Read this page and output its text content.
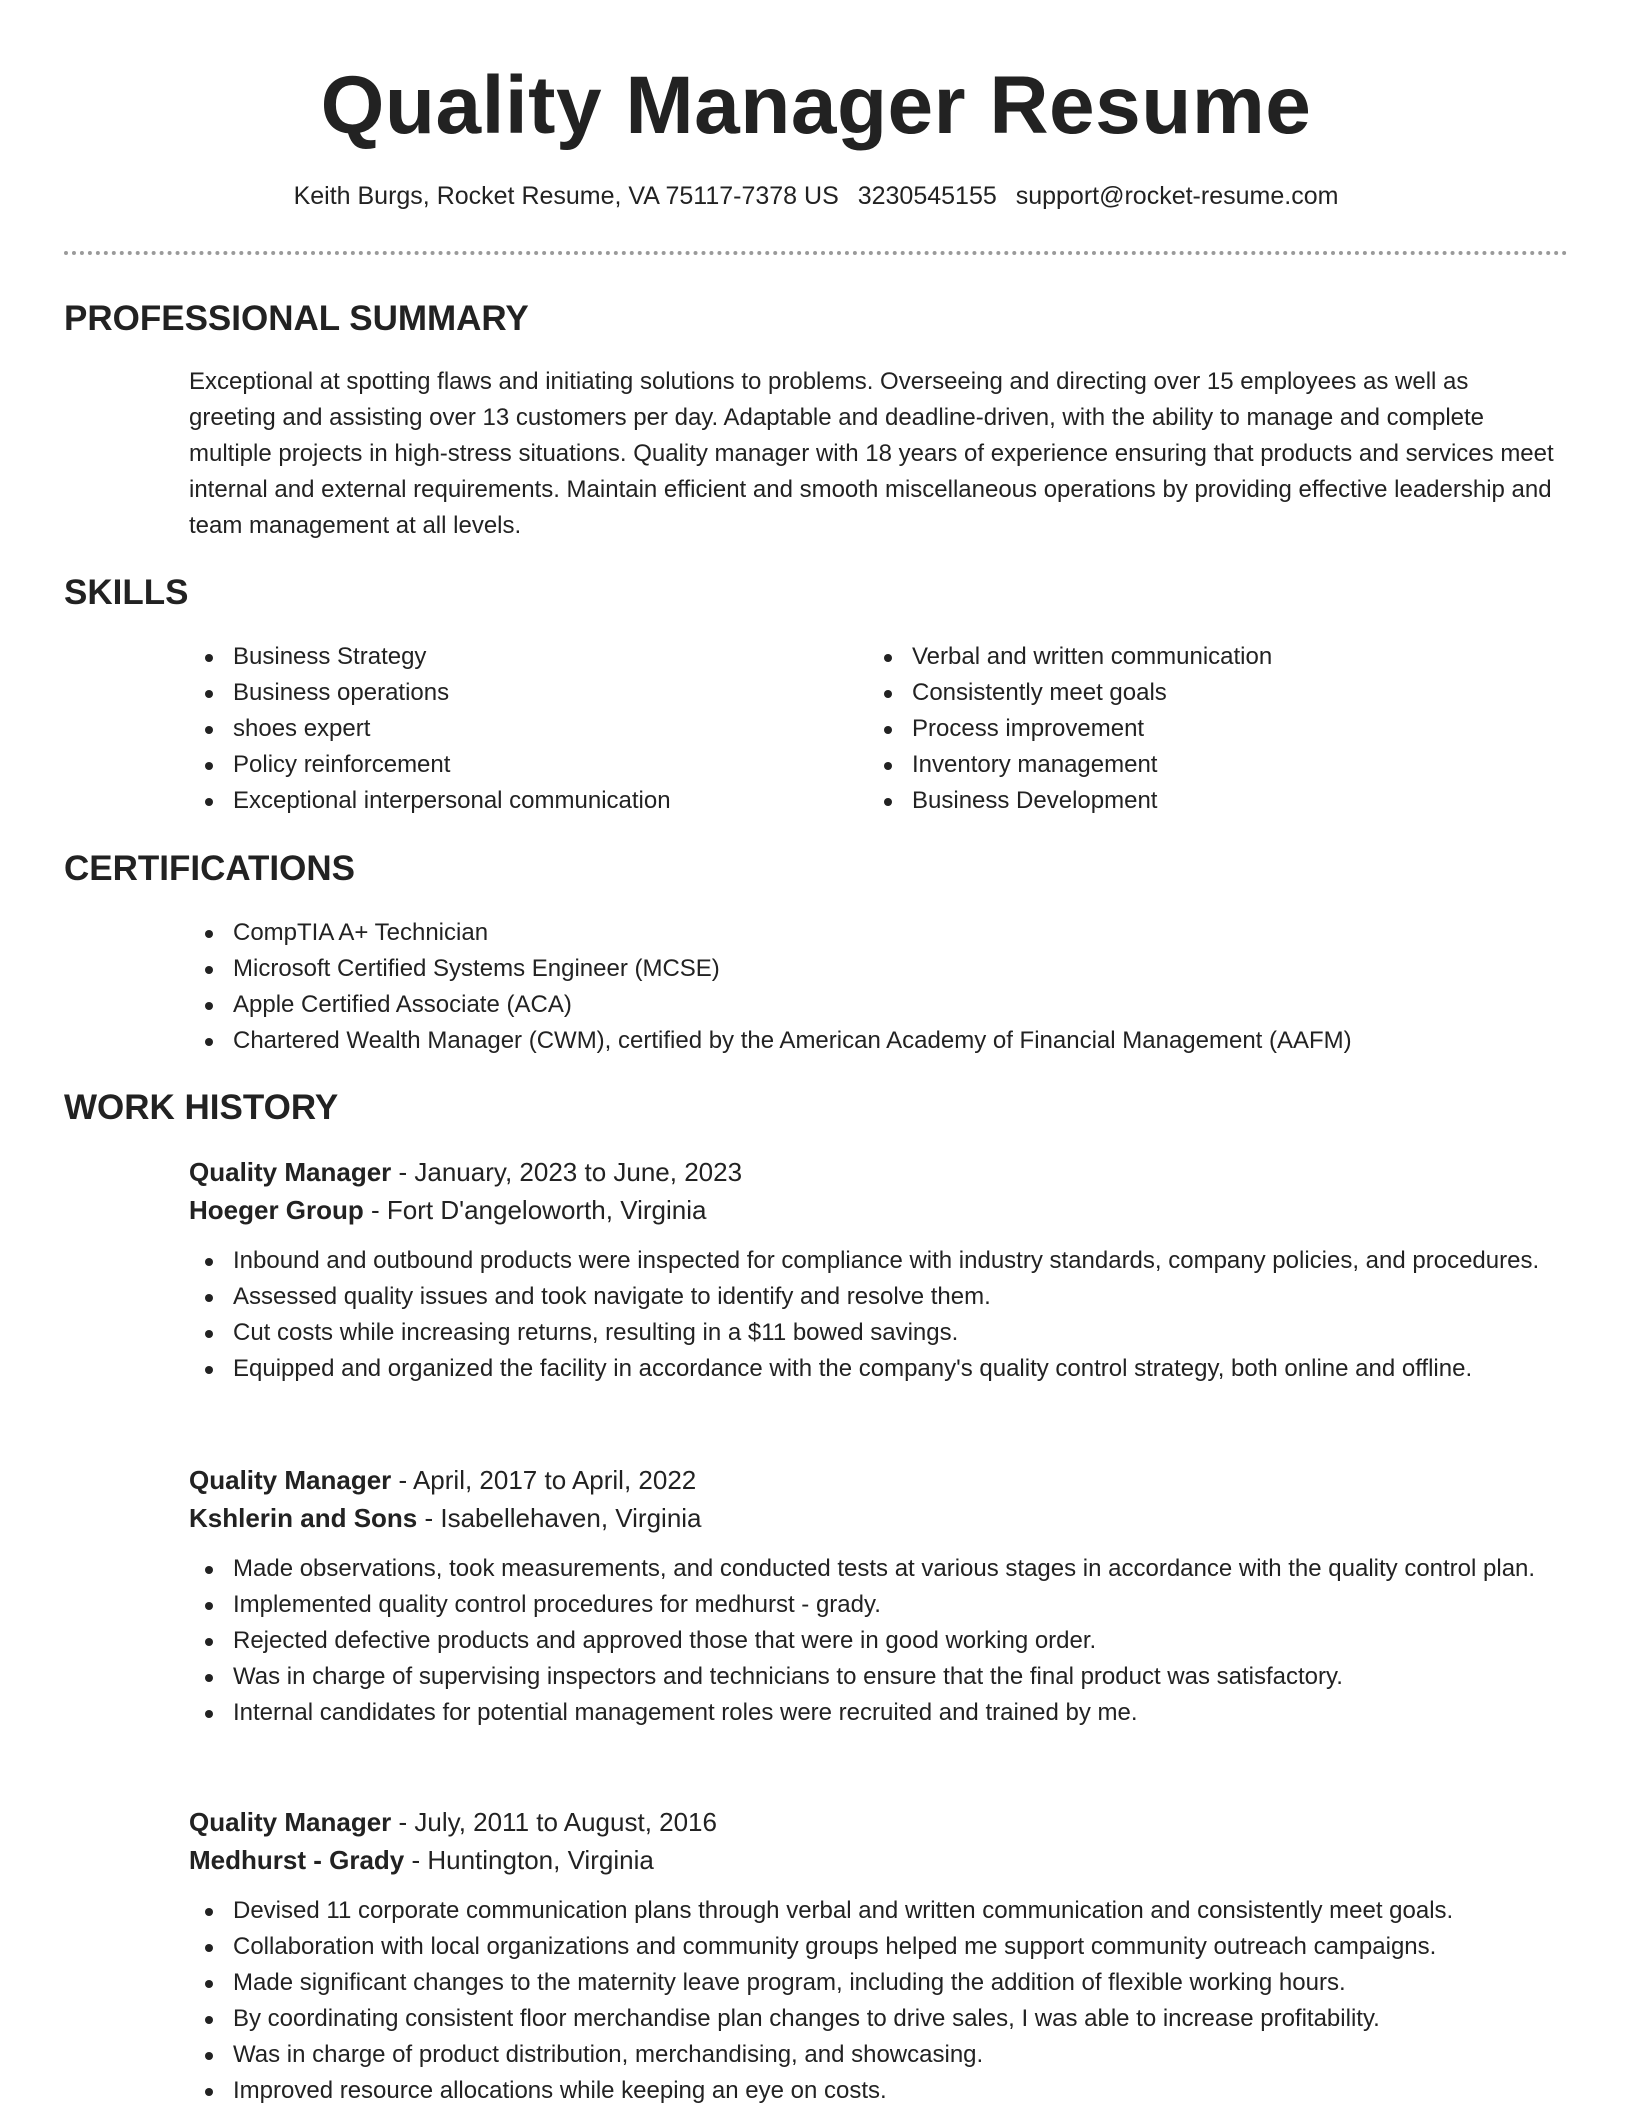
Quality Manager Resume
Keith Burgs, Rocket Resume, VA 75117-7378 US 3230545155 support@rocket-resume.com
PROFESSIONAL SUMMARY

Exceptional at spotting flaws and initiating solutions to problems. Overseeing and directing over 15 employees as well as greeting and assisting over 13 customers per day. Adaptable and deadline-driven, with the ability to manage and complete multiple projects in high-stress situations. Quality manager with 18 years of experience ensuring that products and services meet internal and external requirements. Maintain efficient and smooth miscellaneous operations by providing effective leadership and team management at all levels.

SKILLS
Business Strategy
Business operations
shoes expert
Policy reinforcement
Exceptional interpersonal communication
Verbal and written communication
Consistently meet goals
Process improvement
Inventory management
Business Development
CERTIFICATIONS
CompTIA A+ Technician
Microsoft Certified Systems Engineer (MCSE)
Apple Certified Associate (ACA)
Chartered Wealth Manager (CWM), certified by the American Academy of Financial Management (AAFM)
WORK HISTORY
Quality Manager - January, 2023 to June, 2023
Hoeger Group - Fort D'angeloworth, Virginia
Inbound and outbound products were inspected for compliance with industry standards, company policies, and procedures.
Assessed quality issues and took navigate to identify and resolve them.
Cut costs while increasing returns, resulting in a $11 bowed savings.
Equipped and organized the facility in accordance with the company's quality control strategy, both online and offline.
Quality Manager - April, 2017 to April, 2022
Kshlerin and Sons - Isabellehaven, Virginia
Made observations, took measurements, and conducted tests at various stages in accordance with the quality control plan.
Implemented quality control procedures for medhurst - grady.
Rejected defective products and approved those that were in good working order.
Was in charge of supervising inspectors and technicians to ensure that the final product was satisfactory.
Internal candidates for potential management roles were recruited and trained by me.
Quality Manager - July, 2011 to August, 2016
Medhurst - Grady - Huntington, Virginia
Devised 11 corporate communication plans through verbal and written communication and consistently meet goals.
Collaboration with local organizations and community groups helped me support community outreach campaigns.
Made significant changes to the maternity leave program, including the addition of flexible working hours.
By coordinating consistent floor merchandise plan changes to drive sales, I was able to increase profitability.
Was in charge of product distribution, merchandising, and showcasing.
Improved resource allocations while keeping an eye on costs.
